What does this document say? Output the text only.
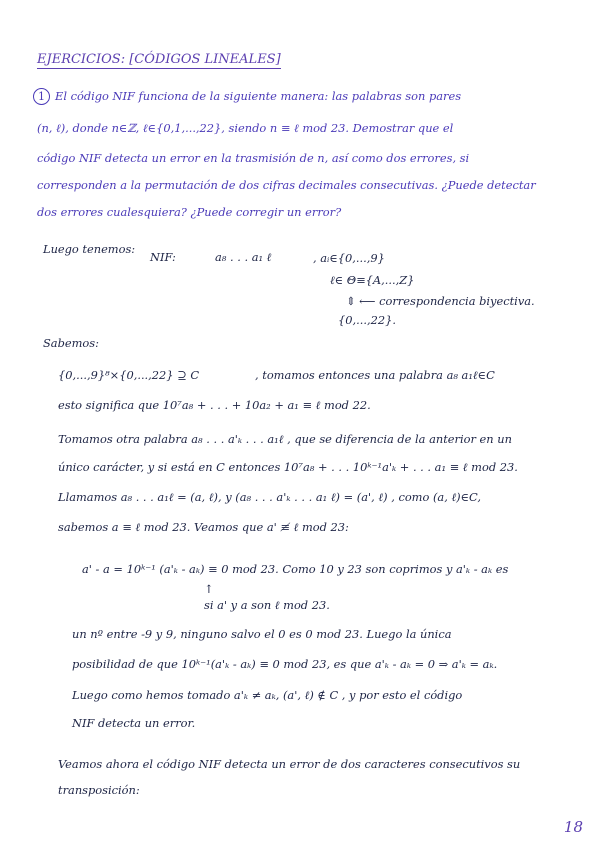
EJERCICIOS: [CÓDIGOS LINEALES]
1 El código NIF funciona de la siguiente manera: las palabras son pares
(n, ℓ), donde n∈ℤ, ℓ∈{0,1,...,22}, siendo n ≡ ℓ mod 23. Demostrar que el
código NIF detecta un error en la trasmisión de n, así como dos errores, si
corresponden a la permutación de dos cifras decimales consecutivas. ¿Puede detectar
dos errores cualesquiera? ¿Puede corregir un error?
Luego tenemos:
NIF:	a₈ . . . a₁ ℓ	, aᵢ∈{0,...,9}
ℓ∈ Θ≡{A,...,Z}
⇕ ⟵ correspondencia biyectiva.
{0,...,22}.
Sabemos:
{0,...,9}⁸×{0,...,22} ⊇ C	, tomamos entonces una palabra a₈ a₁ℓ∈C
esto significa que 10⁷a₈ + . . . + 10a₂ + a₁ ≡ ℓ mod 22.
Tomamos otra palabra a₈ . . . a'ₖ . . . a₁ℓ , que se diferencia de la anterior en un
único carácter, y si está en C entonces 10⁷a₈ + . . . 10ᵏ⁻¹a'ₖ + . . . a₁ ≡ ℓ mod 23.
Llamamos a₈ . . . a₁ℓ = (a, ℓ), y (a₈ . . . a'ₖ . . . a₁ ℓ) = (a', ℓ) , como (a, ℓ)∈C,
sabemos a ≡ ℓ mod 23. Veamos que a' ≢ ℓ mod 23:
a' - a = 10ᵏ⁻¹ (a'ₖ - aₖ) ≡ 0 mod 23. Como 10 y 23 son coprimos y a'ₖ - aₖ es
↑
si a' y a son ℓ mod 23.
un nº entre -9 y 9, ninguno salvo el 0 es 0 mod 23. Luego la única
posibilidad de que 10ᵏ⁻¹(a'ₖ - aₖ) ≡ 0 mod 23, es que a'ₖ - aₖ = 0 ⇒ a'ₖ = aₖ.
Luego como hemos tomado a'ₖ ≠ aₖ, (a', ℓ) ∉ C , y por esto el código
NIF detecta un error.
Veamos ahora el código NIF detecta un error de dos caracteres consecutivos su
transposición:
18
